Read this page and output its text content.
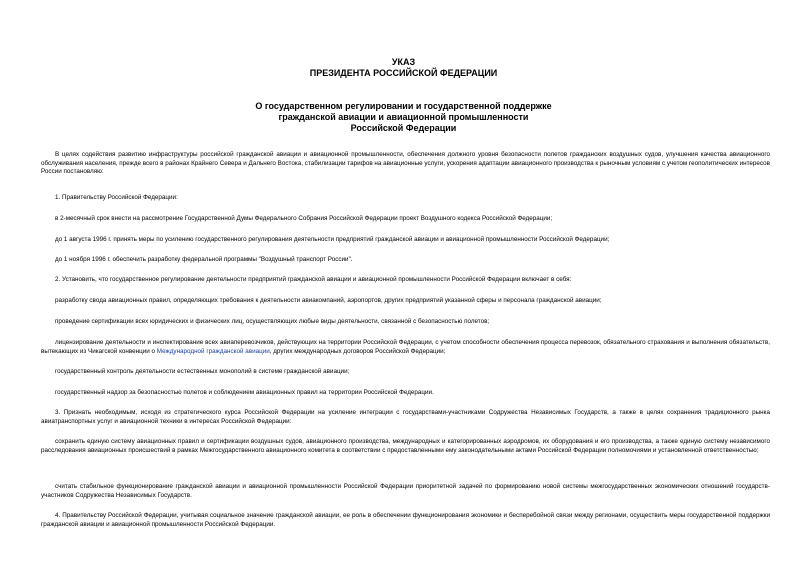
УКАЗ
ПРЕЗИДЕНТА РОССИЙСКОЙ ФЕДЕРАЦИИ
О государственном регулировании и государственной поддержке
гражданской авиации и авиационной промышленности
Российской Федерации

В целях содействия развитию инфраструктуры российской гражданской авиации и авиационной промышленности, обеспечения должного уровня безопасности полетов гражданских воздушных судов, улучшения качества авиационного обслуживания населения, прежде всего в районах Крайнего Севера и Дальнего Востока, стабилизации тарифов на авиационные услуги, ускорения адаптации авиационного производства к рыночным условиям с учетом геополитических интересов России постановляю:

1. Правительству Российской Федерации:

в 2-месячный срок внести на рассмотрение Государственной Думы Федерального Собрания Российской Федерации проект Воздушного кодекса Российской Федерации;

до 1 августа 1996 г. принять меры по усилению государственного регулирования деятельности предприятий гражданской авиации и авиационной промышленности Российской Федерации;

до 1 ноября 1996 г. обеспечить разработку федеральной программы "Воздушный транспорт России".

2. Установить, что государственное регулирование деятельности предприятий гражданской авиации и авиационной промышленности Российской Федерации включает в себя:

разработку свода авиационных правил, определяющих требования к деятельности авиакомпаний, аэропортов, других предприятий указанной сферы и персонала гражданской авиации;

проведение сертификации всех юридических и физических лиц, осуществляющих любые виды деятельности, связанной с безопасностью полетов;

лицензирование деятельности и инспектирование всех авиаперевозчиков, действующих на территории Российской Федерации, с учетом способности обеспечения процесса перевозок, обязательного страхования и выполнения обязательств, вытекающих из Чикагской конвенции о Международной гражданской авиации, других международных договоров Российской Федерации;

государственный контроль деятельности естественных монополий в системе гражданской авиации;

государственный надзор за безопасностью полетов и соблюдением авиационных правил на территории Российской Федерации.

3. Признать необходимым, исходя из стратегического курса Российской Федерации на усиление интеграции с государствами-участниками Содружества Независимых Государств, а также в целях сохранения традиционного рынка авиатранспортных услуг и авиационной техники в интересах Российской Федерации:

сохранить единую систему авиационных правил и сертификации воздушных судов, авиационного производства, международных и категорированных аэродромов, их оборудования и его производства, а также единую систему независимого расследования авиационных происшествий в рамках Межгосударственного авиационного комитета в соответствии с предоставленными ему законодательными актами Российской Федерации полномочиями и установленной ответственностью;

считать стабильное функционирование гражданской авиации и авиационной промышленности Российской Федерации приоритетной задачей по формированию новой системы межгосударственных экономических отношений государств-участников Содружества Независимых Государств.

4. Правительству Российской Федерации, учитывая социальное значение гражданской авиации, ее роль в обеспечении функционирования экономики и бесперебойной связи между регионами, осуществить меры государственной поддержки гражданской авиации и авиационной промышленности Российской Федерации.
